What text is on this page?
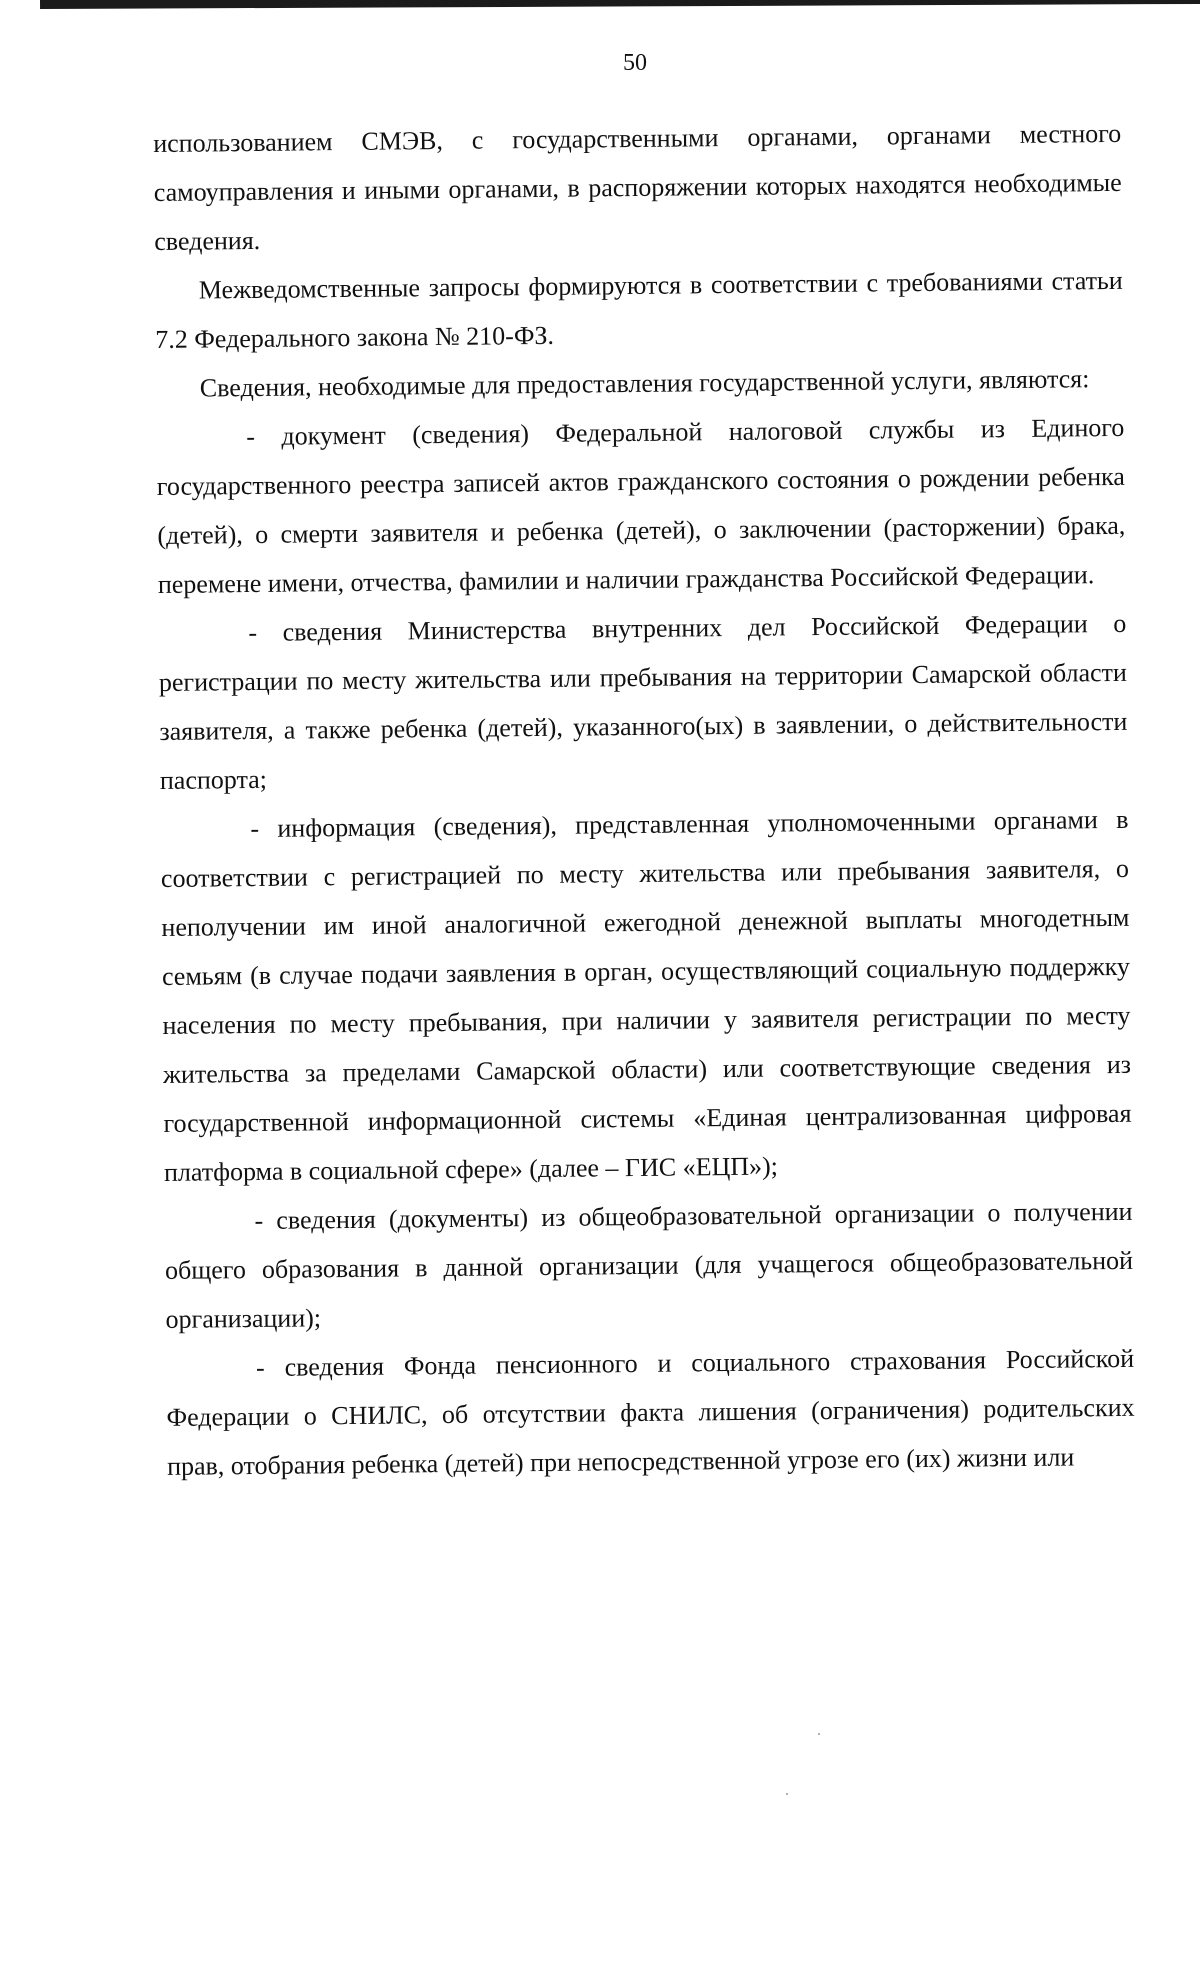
50

использованием СМЭВ, с государственными органами, органами местного самоуправления и иными органами, в распоряжении которых находятся необходимые сведения.

Межведомственные запросы формируются в соответствии с требованиями статьи 7.2 Федерального закона № 210-ФЗ.

Сведения, необходимые для предоставления государственной услуги, являются:

- документ (сведения) Федеральной налоговой службы из Единого государственного реестра записей актов гражданского состояния о рождении ребенка (детей), о смерти заявителя и ребенка (детей), о заключении (расторжении) брака, перемене имени, отчества, фамилии и наличии гражданства Российской Федерации.

- сведения Министерства внутренних дел Российской Федерации о регистрации по месту жительства или пребывания на территории Самарской области заявителя, а также ребенка (детей), указанного(ых) в заявлении, о действительности паспорта;

- информация (сведения), представленная уполномоченными органами в соответствии с регистрацией по месту жительства или пребывания заявителя, о неполучении им иной аналогичной ежегодной денежной выплаты многодетным семьям (в случае подачи заявления в орган, осуществляющий социальную поддержку населения по месту пребывания, при наличии у заявителя регистрации по месту жительства за пределами Самарской области) или соответствующие сведения из государственной информационной системы «Единая централизованная цифровая платформа в социальной сфере» (далее – ГИС «ЕЦП»);

- сведения (документы) из общеобразовательной организации о получении общего образования в данной организации (для учащегося общеобразовательной организации);

- сведения Фонда пенсионного и социального страхования Российской Федерации о СНИЛС, об отсутствии факта лишения (ограничения) родительских прав, отобрания ребенка (детей) при непосредственной угрозе его (их) жизни или
